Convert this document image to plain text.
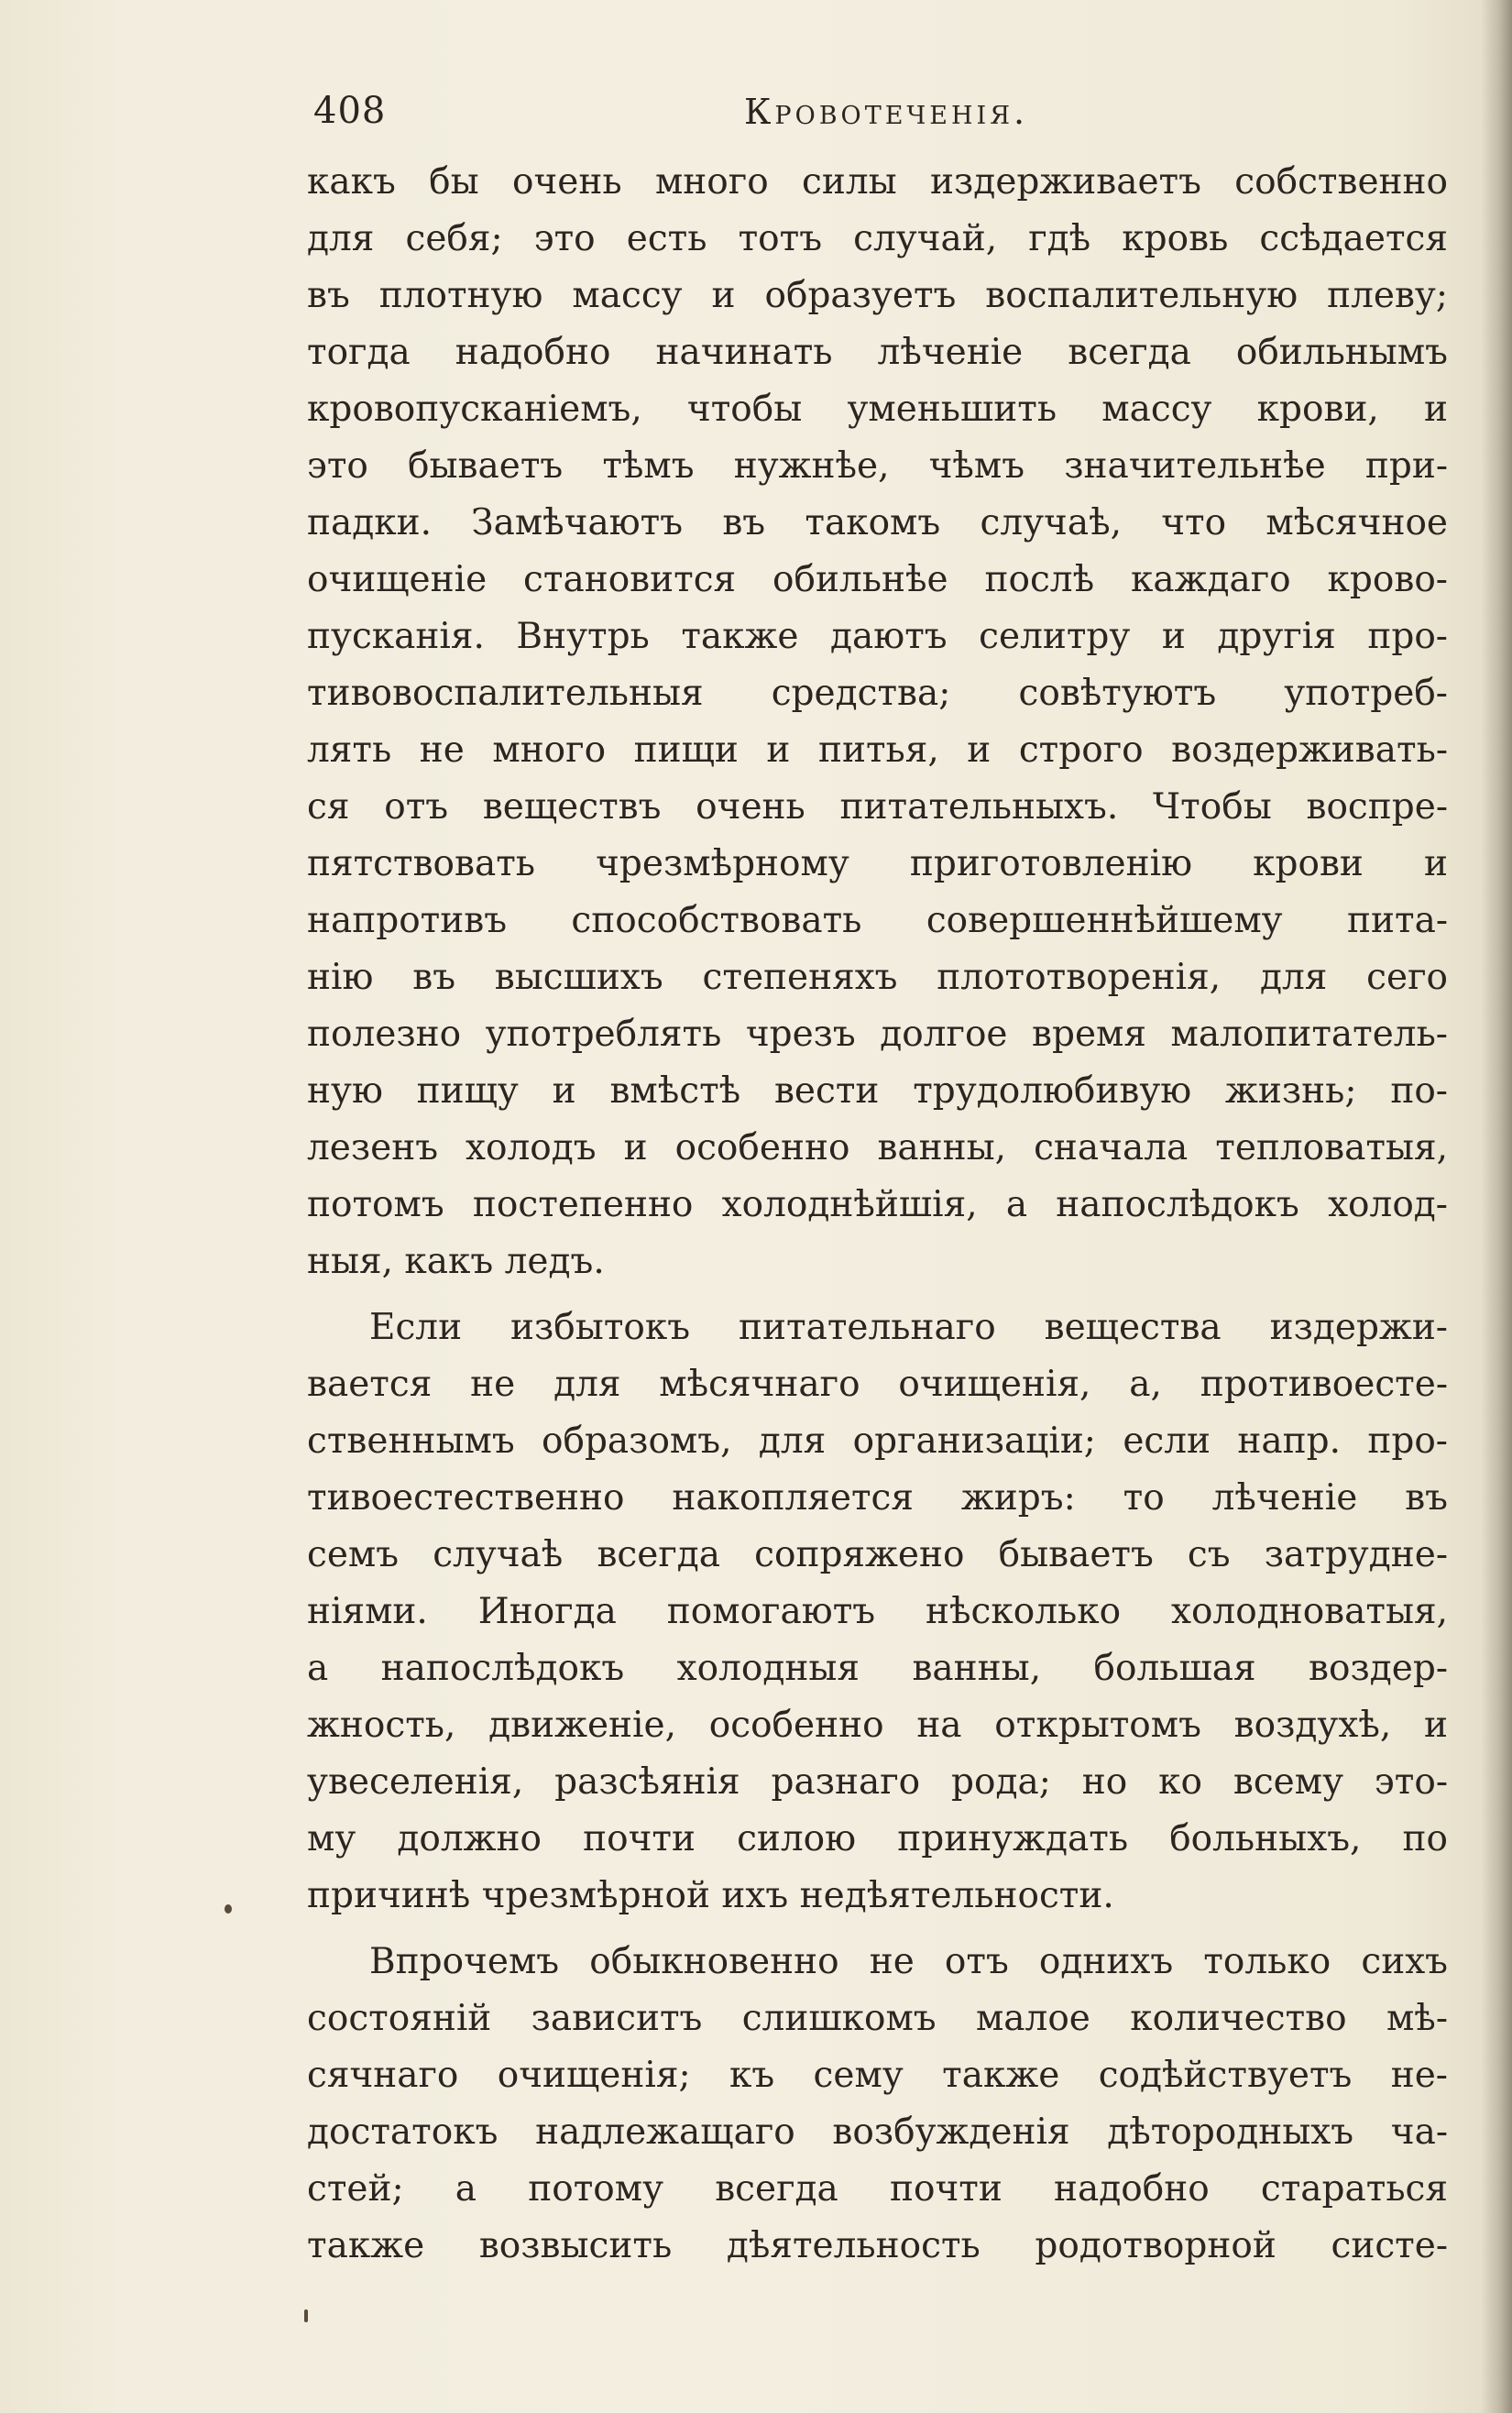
408	Кровотеченія.
какъ бы очень много силы издерживаетъ собственно
для себя; это есть тотъ случай, гдѣ кровь ссѣдается
въ плотную массу и образуетъ воспалительную плеву;
тогда надобно начинать лѣченіе всегда обильнымъ
кровопусканіемъ, чтобы уменьшить массу крови, и
это бываетъ тѣмъ нужнѣе, чѣмъ значительнѣе при-
падки. Замѣчаютъ въ такомъ случаѣ, что мѣсячное
очищеніе становится обильнѣе послѣ каждаго крово-
пусканія. Внутрь также даютъ селитру и другія про-
тивовоспалительныя средства; совѣтуютъ употреб-
лять не много пищи и питья, и строго воздерживать-
ся отъ веществъ очень питательныхъ. Чтобы воспре-
пятствовать чрезмѣрному приготовленію крови и
напротивъ способствовать совершеннѣйшему пита-
нію въ высшихъ степеняхъ плототворенія, для сего
полезно употреблять чрезъ долгое время малопитатель-
ную пищу и вмѣстѣ вести трудолюбивую жизнь; по-
лезенъ холодъ и особенно ванны, сначала тепловатыя,
потомъ постепенно холоднѣйшія, а напослѣдокъ холод-
ныя, какъ ледъ.
Если избытокъ питательнаго вещества издержи-
вается не для мѣсячнаго очищенія, а, противоесте-
ственнымъ образомъ, для организаціи; если напр. про-
тивоестественно накопляется жиръ: то лѣченіе въ
семъ случаѣ всегда сопряжено бываетъ съ затрудне-
ніями. Иногда помогаютъ нѣсколько холодноватыя,
а напослѣдокъ холодныя ванны, большая воздер-
жность, движеніе, особенно на открытомъ воздухѣ, и
увеселенія, разсѣянія разнаго рода; но ко всему это-
му должно почти силою принуждать больныхъ, по
причинѣ чрезмѣрной ихъ недѣятельности.
Впрочемъ обыкновенно не отъ однихъ только сихъ
состояній зависитъ слишкомъ малое количество мѣ-
сячнаго очищенія; къ сему также содѣйствуетъ не-
достатокъ надлежащаго возбужденія дѣтородныхъ ча-
стей; а потому всегда почти надобно стараться
также возвысить дѣятельность родотворной систе-
